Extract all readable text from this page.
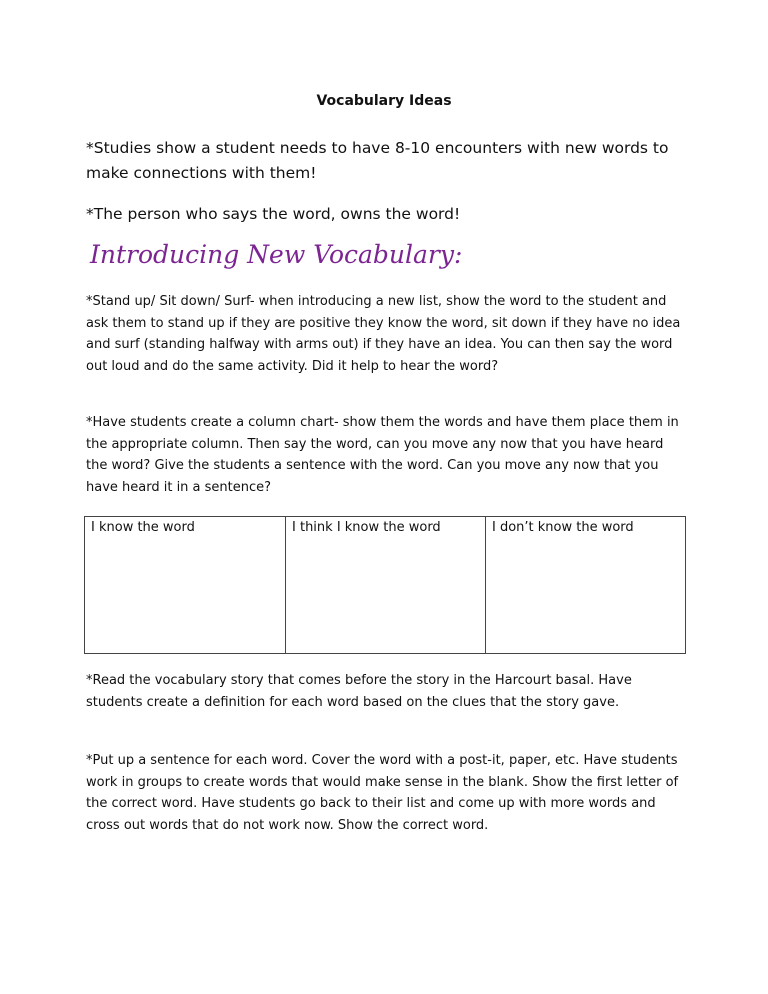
Vocabulary Ideas
*Studies show a student needs to have 8-10 encounters with new words to make connections with them!
*The person who says the word, owns the word!
Introducing New Vocabulary:
*Stand up/ Sit down/ Surf- when introducing a new list, show the word to the student and ask them to stand up if they are positive they know the word, sit down if they have no idea and surf (standing halfway with arms out) if they have an idea. You can then say the word out loud and do the same activity. Did it help to hear the word?
*Have students create a column chart- show them the words and have them place them in the appropriate column. Then say the word, can you move any now that you have heard the word? Give the students a sentence with the word. Can you move any now that you have heard it in a sentence?
I know the word	I think I know the word	I don’t know the word
*Read the vocabulary story that comes before the story in the Harcourt basal. Have students create a definition for each word based on the clues that the story gave.
*Put up a sentence for each word. Cover the word with a post-it, paper, etc. Have students work in groups to create words that would make sense in the blank. Show the first letter of the correct word. Have students go back to their list and come up with more words and cross out words that do not work now. Show the correct word.
